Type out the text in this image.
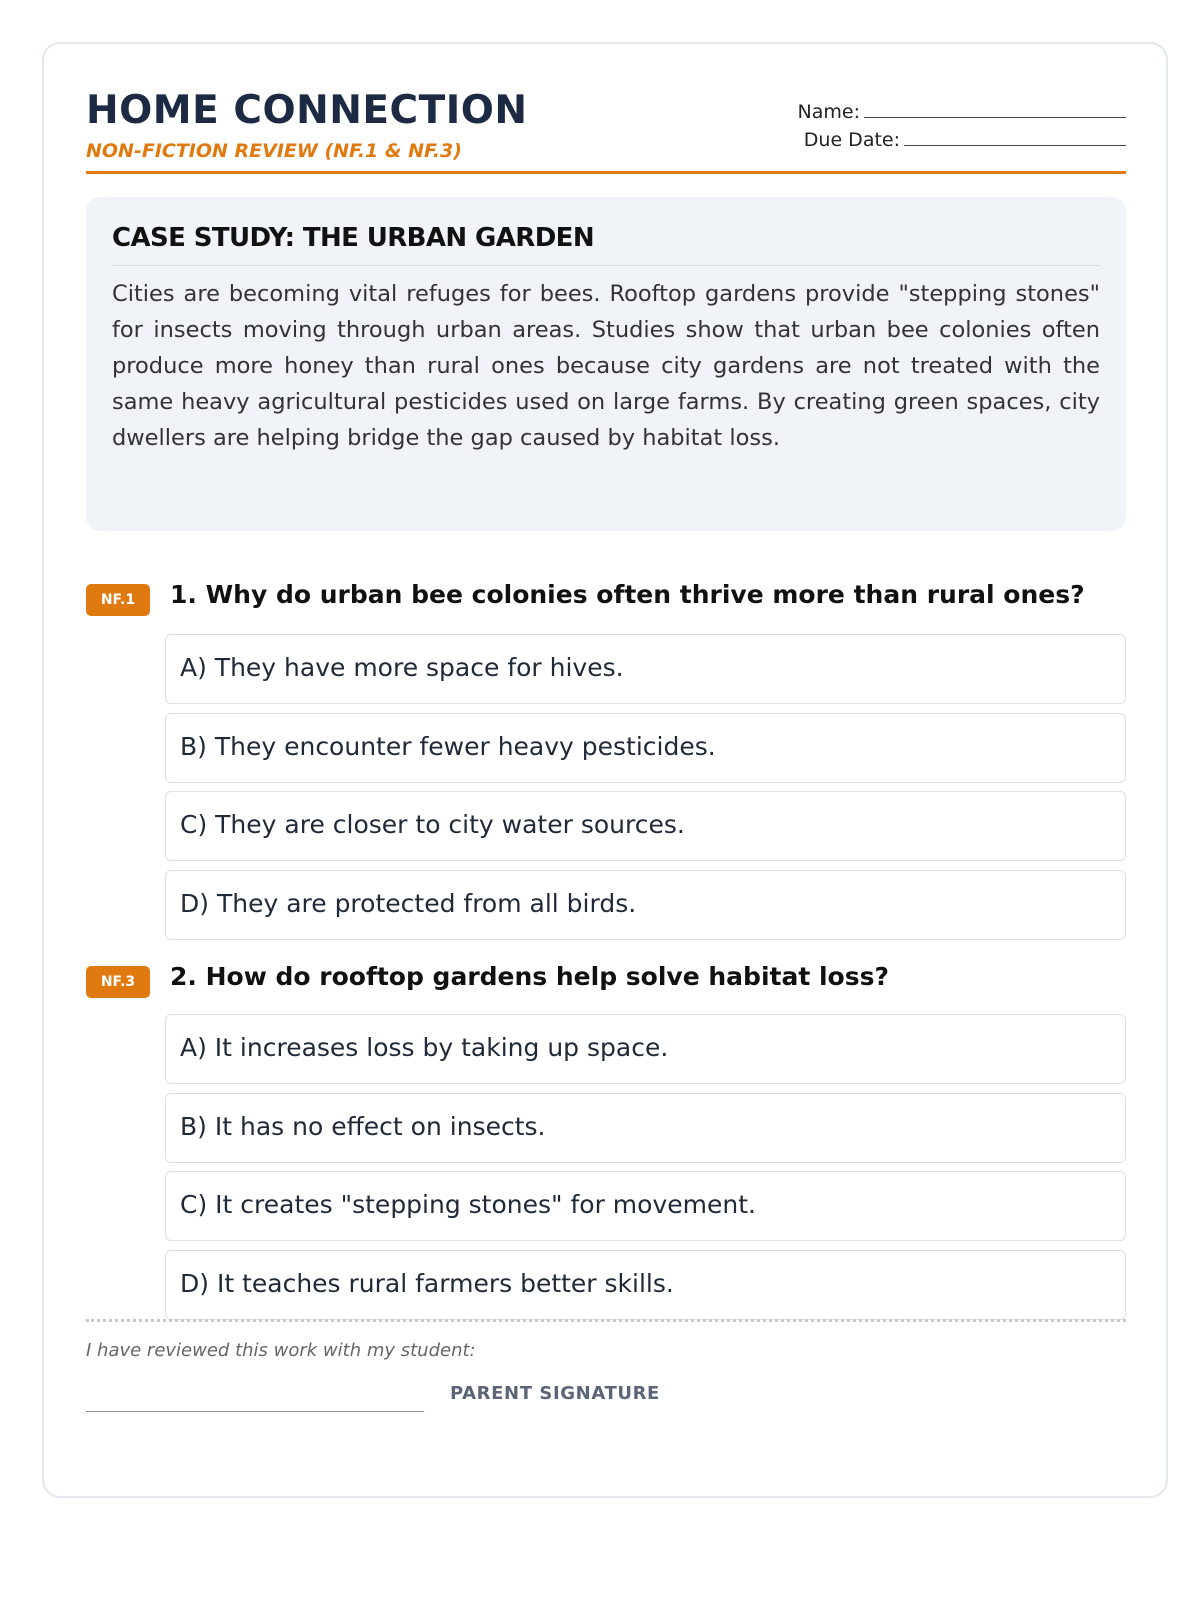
HOME CONNECTION
NON-FICTION REVIEW (NF.1 & NF.3)
Name:
Due Date:
CASE STUDY: THE URBAN GARDEN
Cities are becoming vital refuges for bees. Rooftop gardens provide "stepping stones" for insects moving through urban areas. Studies show that urban bee colonies often produce more honey than rural ones because city gardens are not treated with the same heavy agricultural pesticides used on large farms. By creating green spaces, city dwellers are helping bridge the gap caused by habitat loss.
NF.1	1. Why do urban bee colonies often thrive more than rural ones?
A) They have more space for hives.
B) They encounter fewer heavy pesticides.
C) They are closer to city water sources.
D) They are protected from all birds.
NF.3	2. How do rooftop gardens help solve habitat loss?
A) It increases loss by taking up space.
B) It has no effect on insects.
C) It creates "stepping stones" for movement.
D) It teaches rural farmers better skills.
I have reviewed this work with my student:
PARENT SIGNATURE
